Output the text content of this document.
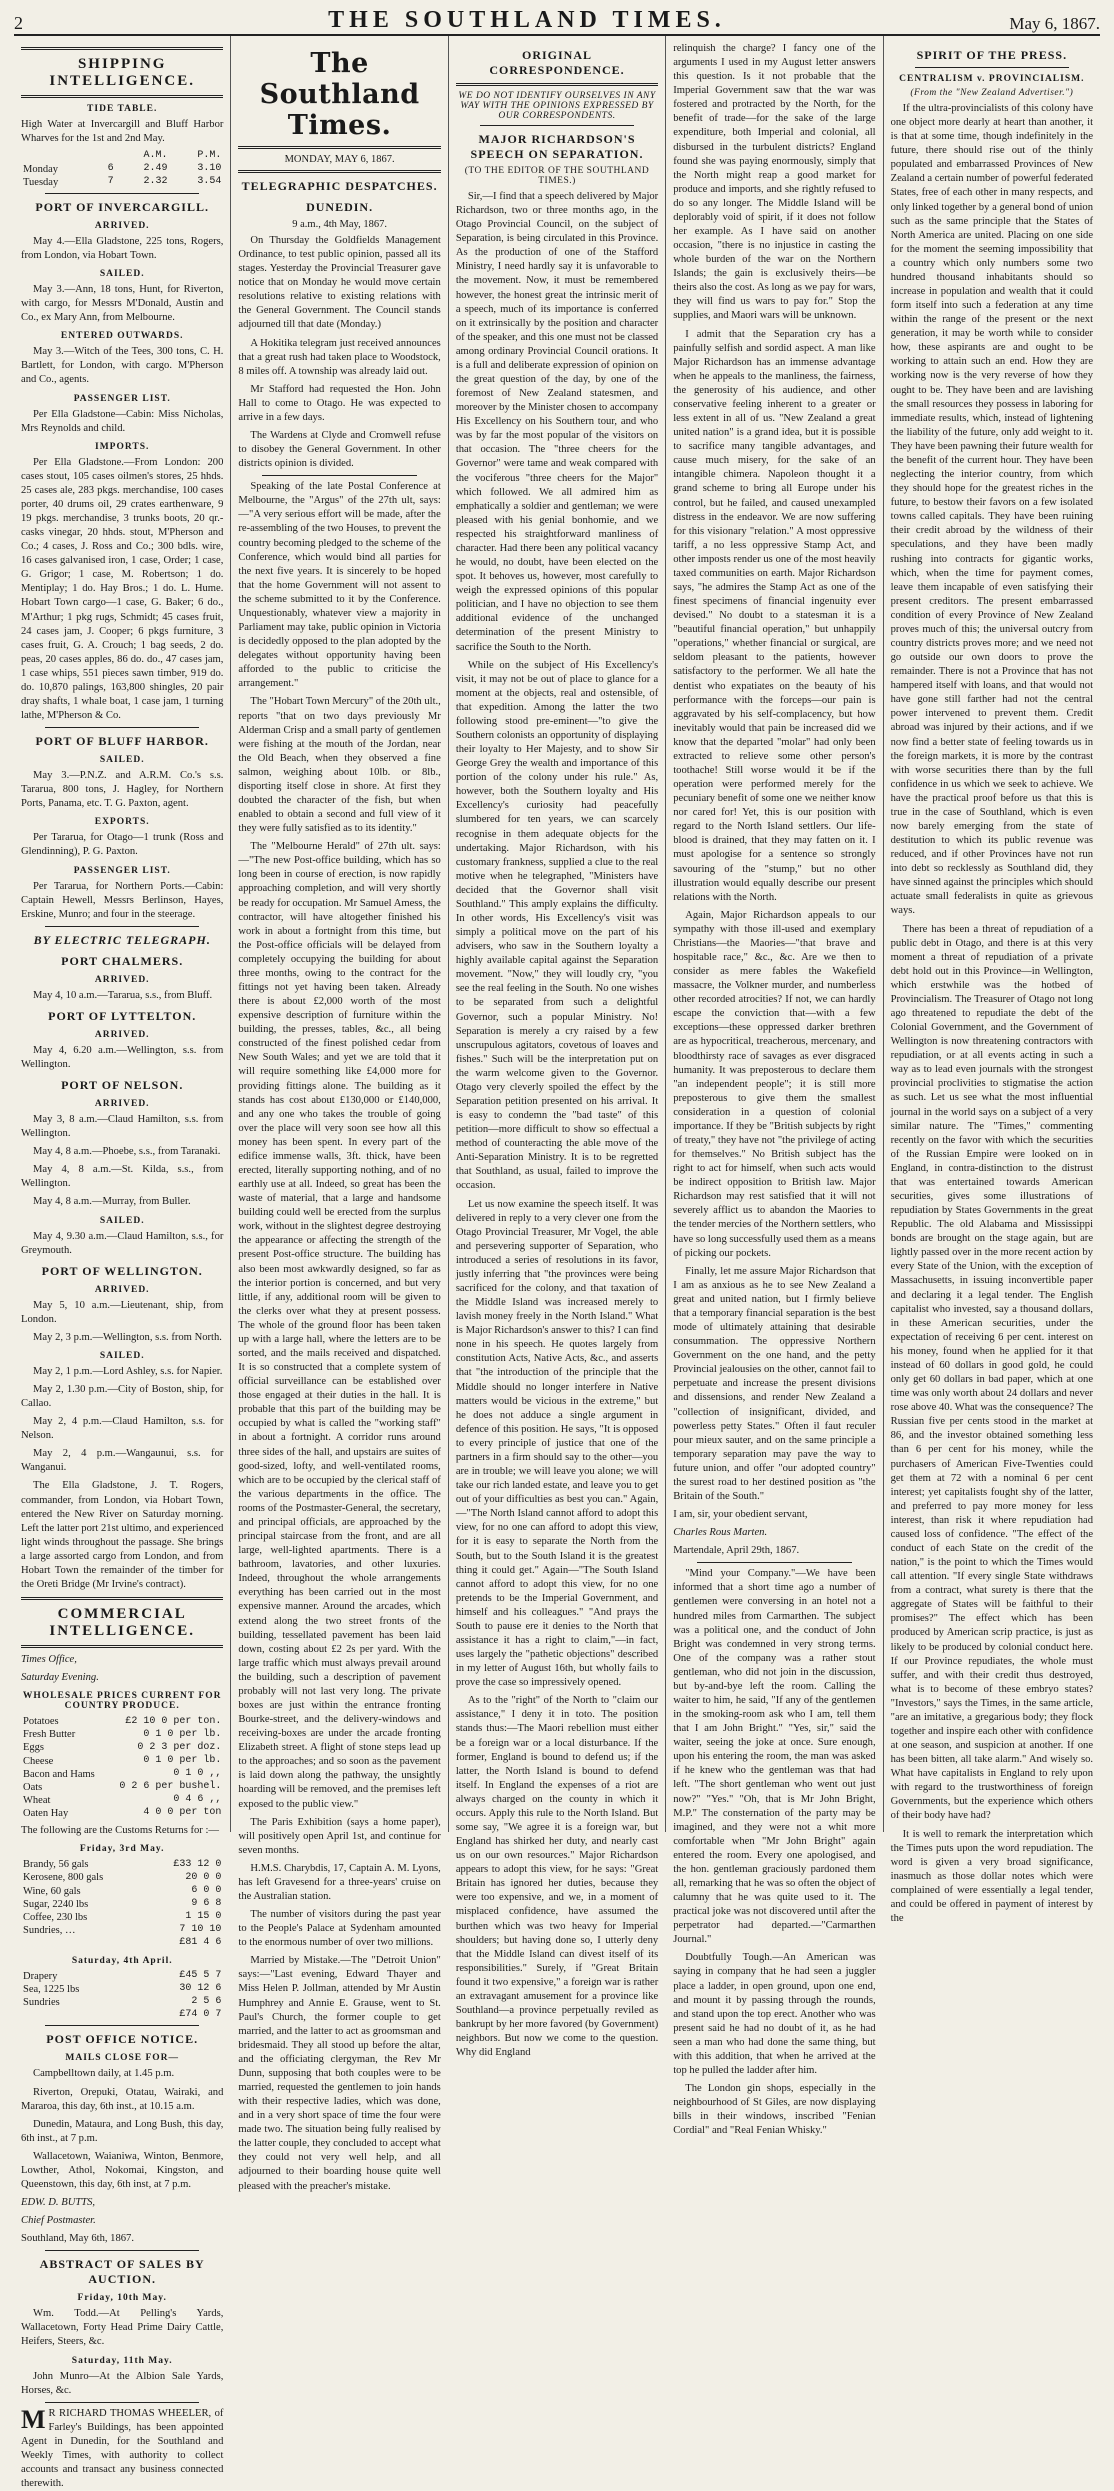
2	THE SOUTHLAND TIMES.	May 6, 1867.
SHIPPING INTELLIGENCE.
TIDE TABLE.

High Water at Invercargill and Bluff Harbor Wharves for the 1st and 2nd May.

		A.M.	P.M.
Monday	6	2.49	3.10
Tuesday	7	2.32	3.54
PORT OF INVERCARGILL.
ARRIVED.

May 4.—Ella Gladstone, 225 tons, Rogers, from London, via Hobart Town.

SAILED.

May 3.—Ann, 18 tons, Hunt, for Riverton, with cargo, for Messrs M'Donald, Austin and Co., ex Mary Ann, from Melbourne.

ENTERED OUTWARDS.

May 3.—Witch of the Tees, 300 tons, C. H. Bartlett, for London, with cargo. M'Pherson and Co., agents.

PASSENGER LIST.

Per Ella Gladstone—Cabin: Miss Nicholas, Mrs Reynolds and child.

IMPORTS.

Per Ella Gladstone.—From London: 200 cases stout, 105 cases oilmen's stores, 25 hhds. 25 cases ale, 283 pkgs. merchandise, 100 cases porter, 40 drums oil, 29 crates earthenware, 9 19 pkgs. merchandise, 3 trunks boots, 20 qr.-casks vinegar, 20 hhds. stout, M'Pherson and Co.; 4 cases, J. Ross and Co.; 300 bdls. wire, 16 cases galvanised iron, 1 case, Order; 1 case, G. Grigor; 1 case, M. Robertson; 1 do. Mentiplay; 1 do. Hay Bros.; 1 do. L. Hume. Hobart Town cargo—1 case, G. Baker; 6 do., M'Arthur; 1 pkg rugs, Schmidt; 45 cases fruit, 24 cases jam, J. Cooper; 6 pkgs furniture, 3 cases fruit, G. A. Crouch; 1 bag seeds, 2 do. peas, 20 cases apples, 86 do. do., 47 cases jam, 1 case whips, 551 pieces sawn timber, 919 do. do. 10,870 palings, 163,800 shingles, 20 pair dray shafts, 1 whale boat, 1 case jam, 1 turning lathe, M'Pherson & Co.

PORT OF BLUFF HARBOR.
SAILED.

May 3.—P.N.Z. and A.R.M. Co.'s s.s. Tararua, 800 tons, J. Hagley, for Northern Ports, Panama, etc. T. G. Paxton, agent.

EXPORTS.

Per Tararua, for Otago—1 trunk (Ross and Glendinning), P. G. Paxton.

PASSENGER LIST.

Per Tararua, for Northern Ports.—Cabin: Captain Hewell, Messrs Berlinson, Hayes, Erskine, Munro; and four in the steerage.

BY ELECTRIC TELEGRAPH.
PORT CHALMERS.
ARRIVED.

May 4, 10 a.m.—Tararua, s.s., from Bluff.

PORT OF LYTTELTON.
ARRIVED.

May 4, 6.20 a.m.—Wellington, s.s. from Wellington.

PORT OF NELSON.
ARRIVED.

May 3, 8 a.m.—Claud Hamilton, s.s. from Wellington.

May 4, 8 a.m.—Phoebe, s.s., from Taranaki.

May 4, 8 a.m.—St. Kilda, s.s., from Wellington.

May 4, 8 a.m.—Murray, from Buller.

SAILED.

May 4, 9.30 a.m.—Claud Hamilton, s.s., for Greymouth.

PORT OF WELLINGTON.
ARRIVED.

May 5, 10 a.m.—Lieutenant, ship, from London.

May 2, 3 p.m.—Wellington, s.s. from North.

SAILED.

May 2, 1 p.m.—Lord Ashley, s.s. for Napier.

May 2, 1.30 p.m.—City of Boston, ship, for Callao.

May 2, 4 p.m.—Claud Hamilton, s.s. for Nelson.

May 2, 4 p.m.—Wangaunui, s.s. for Wanganui.

The Ella Gladstone, J. T. Rogers, commander, from London, via Hobart Town, entered the New River on Saturday morning. Left the latter port 21st ultimo, and experienced light winds throughout the passage. She brings a large assorted cargo from London, and from Hobart Town the remainder of the timber for the Oreti Bridge (Mr Irvine's contract).

COMMERCIAL INTELLIGENCE.

Times Office,

Saturday Evening.

WHOLESALE PRICES CURRENT FOR COUNTRY PRODUCE.
Potatoes	£2 10 0 per ton.
Fresh Butter	0 1 0 per lb.
Eggs	0 2 3 per doz.
Cheese	0 1 0 per lb.
Bacon and Hams	0 1 0 ,,
Oats	0 2 6 per bushel.
Wheat	0 4 6 ,,
Oaten Hay	4 0 0 per ton

The following are the Customs Returns for :—

Friday, 3rd May.
Brandy, 56 gals	£33 12 0
Kerosene, 800 gals	20 0 0
Wine, 60 gals	6 0 0
Sugar, 2240 lbs	9 6 8
Coffee, 230 lbs	1 15 0
Sundries, …	7 10 10
	£81 4 6
Saturday, 4th April.
Drapery	£45 5 7
Sea, 1225 lbs	30 12 6
Sundries	2 5 6
	£74 0 7
POST OFFICE NOTICE.
MAILS CLOSE FOR—

Campbelltown daily, at 1.45 p.m.

Riverton, Orepuki, Otatau, Wairaki, and Mararoa, this day, 6th inst., at 10.15 a.m.

Dunedin, Mataura, and Long Bush, this day, 6th inst., at 7 p.m.

Wallacetown, Waianiwa, Winton, Benmore, Lowther, Athol, Nokomai, Kingston, and Queenstown, this day, 6th inst, at 7 p.m.

EDW. D. BUTTS,

Chief Postmaster.

Southland, May 6th, 1867.

ABSTRACT OF SALES BY AUCTION.
Friday, 10th May.

Wm. Todd.—At Pelling's Yards, Wallacetown, Forty Head Prime Dairy Cattle, Heifers, Steers, &c.

Saturday, 11th May.

John Munro—At the Albion Sale Yards, Horses, &c.

M R RICHARD THOMAS WHEELER, of Farley's Buildings, has been appointed Agent in Dunedin, for the Southland and Weekly Times, with authority to collect accounts and transact any business connected therewith.

The Southland Times.
MONDAY, MAY 6, 1867.
TELEGRAPHIC DESPATCHES.
DUNEDIN.
9 a.m., 4th May, 1867.

On Thursday the Goldfields Management Ordinance, to test public opinion, passed all its stages. Yesterday the Provincial Treasurer gave notice that on Monday he would move certain resolutions relative to existing relations with the General Government. The Council stands adjourned till that date (Monday.)

A Hokitika telegram just received announces that a great rush had taken place to Woodstock, 8 miles off. A township was already laid out.

Mr Stafford had requested the Hon. John Hall to come to Otago. He was expected to arrive in a few days.

The Wardens at Clyde and Cromwell refuse to disobey the General Government. In other districts opinion is divided.

Speaking of the late Postal Conference at Melbourne, the "Argus" of the 27th ult, says:—"A very serious effort will be made, after the re-assembling of the two Houses, to prevent the country becoming pledged to the scheme of the Conference, which would bind all parties for the next five years. It is sincerely to be hoped that the home Government will not assent to the scheme submitted to it by the Conference. Unquestionably, whatever view a majority in Parliament may take, public opinion in Victoria is decidedly opposed to the plan adopted by the delegates without opportunity having been afforded to the public to criticise the arrangement."

The "Hobart Town Mercury" of the 20th ult., reports "that on two days previously Mr Alderman Crisp and a small party of gentlemen were fishing at the mouth of the Jordan, near the Old Beach, when they observed a fine salmon, weighing about 10lb. or 8lb., disporting itself close in shore. At first they doubted the character of the fish, but when enabled to obtain a second and full view of it they were fully satisfied as to its identity."

The "Melbourne Herald" of 27th ult. says:—"The new Post-office building, which has so long been in course of erection, is now rapidly approaching completion, and will very shortly be ready for occupation. Mr Samuel Amess, the contractor, will have altogether finished his work in about a fortnight from this time, but the Post-office officials will be delayed from completely occupying the building for about three months, owing to the contract for the fittings not yet having been taken. Already there is about £2,000 worth of the most expensive description of furniture within the building, the presses, tables, &c., all being constructed of the finest polished cedar from New South Wales; and yet we are told that it will require something like £4,000 more for providing fittings alone. The building as it stands has cost about £130,000 or £140,000, and any one who takes the trouble of going over the place will very soon see how all this money has been spent. In every part of the edifice immense walls, 3ft. thick, have been erected, literally supporting nothing, and of no earthly use at all. Indeed, so great has been the waste of material, that a large and handsome building could well be erected from the surplus work, without in the slightest degree destroying the appearance or affecting the strength of the present Post-office structure. The building has also been most awkwardly designed, so far as the interior portion is concerned, and but very little, if any, additional room will be given to the clerks over what they at present possess. The whole of the ground floor has been taken up with a large hall, where the letters are to be sorted, and the mails received and dispatched. It is so constructed that a complete system of official surveillance can be established over those engaged at their duties in the hall. It is probable that this part of the building may be occupied by what is called the "working staff" in about a fortnight. A corridor runs around three sides of the hall, and upstairs are suites of good-sized, lofty, and well-ventilated rooms, which are to be occupied by the clerical staff of the various departments in the office. The rooms of the Postmaster-General, the secretary, and principal officials, are approached by the principal staircase from the front, and are all large, well-lighted apartments. There is a bathroom, lavatories, and other luxuries. Indeed, throughout the whole arrangements everything has been carried out in the most expensive manner. Around the arcades, which extend along the two street fronts of the building, tessellated pavement has been laid down, costing about £2 2s per yard. With the large traffic which must always prevail around the building, such a description of pavement probably will not last very long. The private boxes are just within the entrance fronting Bourke-street, and the delivery-windows and receiving-boxes are under the arcade fronting Elizabeth street. A flight of stone steps lead up to the approaches; and so soon as the pavement is laid down along the pathway, the unsightly hoarding will be removed, and the premises left exposed to the public view."

The Paris Exhibition (says a home paper), will positively open April 1st, and continue for seven months.

H.M.S. Charybdis, 17, Captain A. M. Lyons, has left Gravesend for a three-years' cruise on the Australian station.

The number of visitors during the past year to the People's Palace at Sydenham amounted to the enormous number of over two millions.

Married by Mistake.—The "Detroit Union" says:—"Last evening, Edward Thayer and Miss Helen P. Jollman, attended by Mr Austin Humphrey and Annie E. Grause, went to St. Paul's Church, the former couple to get married, and the latter to act as groomsman and bridesmaid. They all stood up before the altar, and the officiating clergyman, the Rev Mr Dunn, supposing that both couples were to be married, requested the gentlemen to join hands with their respective ladies, which was done, and in a very short space of time the four were made two. The situation being fully realised by the latter couple, they concluded to accept what they could not very well help, and all adjourned to their boarding house quite well pleased with the preacher's mistake.

ORIGINAL CORRESPONDENCE.
WE DO NOT IDENTIFY OURSELVES IN ANY WAY WITH THE OPINIONS EXPRESSED BY OUR CORRESPONDENTS.
MAJOR RICHARDSON'S SPEECH ON SEPARATION.
(TO THE EDITOR OF THE SOUTHLAND TIMES.)

Sir,—I find that a speech delivered by Major Richardson, two or three months ago, in the Otago Provincial Council, on the subject of Separation, is being circulated in this Province. As the production of one of the Stafford Ministry, I need hardly say it is unfavorable to the movement. Now, it must be remembered however, the honest great the intrinsic merit of a speech, much of its importance is conferred on it extrinsically by the position and character of the speaker, and this one must not be classed among ordinary Provincial Council orations. It is a full and deliberate expression of opinion on the great question of the day, by one of the foremost of New Zealand statesmen, and moreover by the Minister chosen to accompany His Excellency on his Southern tour, and who was by far the most popular of the visitors on that occasion. The "three cheers for the Governor" were tame and weak compared with the vociferous "three cheers for the Major" which followed. We all admired him as emphatically a soldier and gentleman; we were pleased with his genial bonhomie, and we respected his straightforward manliness of character. Had there been any political vacancy he would, no doubt, have been elected on the spot. It behoves us, however, most carefully to weigh the expressed opinions of this popular politician, and I have no objection to see them additional evidence of the unchanged determination of the present Ministry to sacrifice the South to the North.

While on the subject of His Excellency's visit, it may not be out of place to glance for a moment at the objects, real and ostensible, of that expedition. Among the latter the two following stood pre-eminent—"to give the Southern colonists an opportunity of displaying their loyalty to Her Majesty, and to show Sir George Grey the wealth and importance of this portion of the colony under his rule." As, however, both the Southern loyalty and His Excellency's curiosity had peacefully slumbered for ten years, we can scarcely recognise in them adequate objects for the undertaking. Major Richardson, with his customary frankness, supplied a clue to the real motive when he telegraphed, "Ministers have decided that the Governor shall visit Southland." This amply explains the difficulty. In other words, His Excellency's visit was simply a political move on the part of his advisers, who saw in the Southern loyalty a highly available capital against the Separation movement. "Now," they will loudly cry, "you see the real feeling in the South. No one wishes to be separated from such a delightful Governor, such a popular Ministry. No! Separation is merely a cry raised by a few unscrupulous agitators, covetous of loaves and fishes." Such will be the interpretation put on the warm welcome given to the Governor. Otago very cleverly spoiled the effect by the Separation petition presented on his arrival. It is easy to condemn the "bad taste" of this petition—more difficult to show so effectual a method of counteracting the able move of the Anti-Separation Ministry. It is to be regretted that Southland, as usual, failed to improve the occasion.

Let us now examine the speech itself. It was delivered in reply to a very clever one from the Otago Provincial Treasurer, Mr Vogel, the able and persevering supporter of Separation, who introduced a series of resolutions in its favor, justly inferring that "the provinces were being sacrificed for the colony, and that taxation of the Middle Island was increased merely to lavish money freely in the North Island." What is Major Richardson's answer to this? I can find none in his speech. He quotes largely from constitution Acts, Native Acts, &c., and asserts that "the introduction of the principle that the Middle should no longer interfere in Native matters would be vicious in the extreme," but he does not adduce a single argument in defence of this position. He says, "It is opposed to every principle of justice that one of the partners in a firm should say to the other—you are in trouble; we will leave you alone; we will take our rich landed estate, and leave you to get out of your difficulties as best you can." Again,—"The North Island cannot afford to adopt this view, for no one can afford to adopt this view, for it is easy to separate the North from the South, but to the South Island it is the greatest thing it could get." Again—"The South Island cannot afford to adopt this view, for no one pretends to be the Imperial Government, and himself and his colleagues." "And prays the South to pause ere it denies to the North that assistance it has a right to claim,"—in fact, uses largely the "pathetic objections" described in my letter of August 16th, but wholly fails to prove the case so impressively opened.

As to the "right" of the North to "claim our assistance," I deny it in toto. The position stands thus:—The Maori rebellion must either be a foreign war or a local disturbance. If the former, England is bound to defend us; if the latter, the North Island is bound to defend itself. In England the expenses of a riot are always charged on the county in which it occurs. Apply this rule to the North Island. But some say, "We agree it is a foreign war, but England has shirked her duty, and nearly cast us on our own resources." Major Richardson appears to adopt this view, for he says: "Great Britain has ignored her duties, because they were too expensive, and we, in a moment of misplaced confidence, have assumed the burthen which was two heavy for Imperial shoulders; but having done so, I utterly deny that the Middle Island can divest itself of its responsibilities." Surely, if "Great Britain found it two expensive," a foreign war is rather an extravagant amusement for a province like Southland—a province perpetually reviled as bankrupt by her more favored (by Government) neighbors. But now we come to the question. Why did England

relinquish the charge? I fancy one of the arguments I used in my August letter answers this question. Is it not probable that the Imperial Government saw that the war was fostered and protracted by the North, for the benefit of trade—for the sake of the large expenditure, both Imperial and colonial, all disbursed in the turbulent districts? England found she was paying enormously, simply that the North might reap a good market for produce and imports, and she rightly refused to do so any longer. The Middle Island will be deplorably void of spirit, if it does not follow her example. As I have said on another occasion, "there is no injustice in casting the whole burden of the war on the Northern Islands; the gain is exclusively theirs—be theirs also the cost. As long as we pay for wars, they will find us wars to pay for." Stop the supplies, and Maori wars will be unknown.

I admit that the Separation cry has a painfully selfish and sordid aspect. A man like Major Richardson has an immense advantage when he appeals to the manliness, the fairness, the generosity of his audience, and other conservative feeling inherent to a greater or less extent in all of us. "New Zealand a great united nation" is a grand idea, but it is possible to sacrifice many tangible advantages, and cause much misery, for the sake of an intangible chimera. Napoleon thought it a grand scheme to bring all Europe under his control, but he failed, and caused unexampled distress in the endeavor. We are now suffering for this visionary "relation." A most oppressive tariff, a no less oppressive Stamp Act, and other imposts render us one of the most heavily taxed communities on earth. Major Richardson says, "he admires the Stamp Act as one of the finest specimens of financial ingenuity ever devised." No doubt to a statesman it is a "beautiful financial operation," but unhappily "operations," whether financial or surgical, are seldom pleasant to the patients, however satisfactory to the performer. We all hate the dentist who expatiates on the beauty of his performance with the forceps—our pain is aggravated by his self-complacency, but how inevitably would that pain be increased did we know that the departed "molar" had only been extracted to relieve some other person's toothache! Still worse would it be if the operation were performed merely for the pecuniary benefit of some one we neither know nor cared for! Yet, this is our position with regard to the North Island settlers. Our life-blood is drained, that they may fatten on it. I must apologise for a sentence so strongly savouring of the "stump," but no other illustration would equally describe our present relations with the North.

Again, Major Richardson appeals to our sympathy with those ill-used and exemplary Christians—the Maories—"that brave and hospitable race," &c., &c. Are we then to consider as mere fables the Wakefield massacre, the Volkner murder, and numberless other recorded atrocities? If not, we can hardly escape the conviction that—with a few exceptions—these oppressed darker brethren are as hypocritical, treacherous, mercenary, and bloodthirsty race of savages as ever disgraced humanity. It was preposterous to declare them "an independent people"; it is still more preposterous to give them the smallest consideration in a question of colonial importance. If they be "British subjects by right of treaty," they have not "the privilege of acting for themselves." No British subject has the right to act for himself, when such acts would be indirect opposition to British law. Major Richardson may rest satisfied that it will not severely afflict us to abandon the Maories to the tender mercies of the Northern settlers, who have so long successfully used them as a means of picking our pockets.

Finally, let me assure Major Richardson that I am as anxious as he to see New Zealand a great and united nation, but I firmly believe that a temporary financial separation is the best mode of ultimately attaining that desirable consummation. The oppressive Northern Government on the one hand, and the petty Provincial jealousies on the other, cannot fail to perpetuate and increase the present divisions and dissensions, and render New Zealand a "collection of insignificant, divided, and powerless petty States." Often il faut reculer pour mieux sauter, and on the same principle a temporary separation may pave the way to future union, and offer "our adopted country" the surest road to her destined position as "the Britain of the South."

I am, sir, your obedient servant,

Charles Rous Marten.

Martendale, April 29th, 1867.

"Mind your Company."—We have been informed that a short time ago a number of gentlemen were conversing in an hotel not a hundred miles from Carmarthen. The subject was a political one, and the conduct of John Bright was condemned in very strong terms. One of the company was a rather stout gentleman, who did not join in the discussion, but by-and-bye left the room. Calling the waiter to him, he said, "If any of the gentlemen in the smoking-room ask who I am, tell them that I am John Bright." "Yes, sir," said the waiter, seeing the joke at once. Sure enough, upon his entering the room, the man was asked if he knew who the gentleman was that had left. "The short gentleman who went out just now?" "Yes." "Oh, that is Mr John Bright, M.P." The consternation of the party may be imagined, and they were not a whit more comfortable when "Mr John Bright" again entered the room. Every one apologised, and the hon. gentleman graciously pardoned them all, remarking that he was so often the object of calumny that he was quite used to it. The practical joke was not discovered until after the perpetrator had departed.—"Carmarthen Journal."

Doubtfully Tough.—An American was saying in company that he had seen a juggler place a ladder, in open ground, upon one end, and mount it by passing through the rounds, and stand upon the top erect. Another who was present said he had no doubt of it, as he had seen a man who had done the same thing, but with this addition, that when he arrived at the top he pulled the ladder after him.

The London gin shops, especially in the neighbourhood of St Giles, are now displaying bills in their windows, inscribed "Fenian Cordial" and "Real Fenian Whisky."

SPIRIT OF THE PRESS.
CENTRALISM v. PROVINCIALISM.
(From the "New Zealand Advertiser.")

If the ultra-provincialists of this colony have one object more dearly at heart than another, it is that at some time, though indefinitely in the future, there should rise out of the thinly populated and embarrassed Provinces of New Zealand a certain number of powerful federated States, free of each other in many respects, and only linked together by a general bond of union such as the same principle that the States of North America are united. Placing on one side for the moment the seeming impossibility that a country which only numbers some two hundred thousand inhabitants should so increase in population and wealth that it could form itself into such a federation at any time within the range of the present or the next generation, it may be worth while to consider how, these aspirants are and ought to be working to attain such an end. How they are working now is the very reverse of how they ought to be. They have been and are lavishing the small resources they possess in laboring for immediate results, which, instead of lightening the liability of the future, only add weight to it. They have been pawning their future wealth for the benefit of the current hour. They have been neglecting the interior country, from which they should hope for the greatest riches in the future, to bestow their favors on a few isolated towns called capitals. They have been ruining their credit abroad by the wildness of their speculations, and they have been madly rushing into contracts for gigantic works, which, when the time for payment comes, leave them incapable of even satisfying their present creditors. The present embarrassed condition of every Province of New Zealand proves much of this; the universal outcry from country districts proves more; and we need not go outside our own doors to prove the remainder. There is not a Province that has not hampered itself with loans, and that would not have gone still farther had not the central power intervened to prevent them. Credit abroad was injured by their actions, and if we now find a better state of feeling towards us in the foreign markets, it is more by the contrast with worse securities there than by the full confidence in us which we seek to achieve. We have the practical proof before us that this is true in the case of Southland, which is even now barely emerging from the state of destitution to which its public revenue was reduced, and if other Provinces have not run into debt so recklessly as Southland did, they have sinned against the principles which should actuate small federalists in quite as grievous ways.

There has been a threat of repudiation of a public debt in Otago, and there is at this very moment a threat of repudiation of a private debt hold out in this Province—in Wellington, which erstwhile was the hotbed of Provincialism. The Treasurer of Otago not long ago threatened to repudiate the debt of the Colonial Government, and the Government of Wellington is now threatening contractors with repudiation, or at all events acting in such a way as to lead even journals with the strongest provincial proclivities to stigmatise the action as such. Let us see what the most influential journal in the world says on a subject of a very similar nature. The "Times," commenting recently on the favor with which the securities of the Russian Empire were looked on in England, in contra-distinction to the distrust that was entertained towards American securities, gives some illustrations of repudiation by States Governments in the great Republic. The old Alabama and Mississippi bonds are brought on the stage again, but are lightly passed over in the more recent action by every State of the Union, with the exception of Massachusetts, in issuing inconvertible paper and declaring it a legal tender. The English capitalist who invested, say a thousand dollars, in these American securities, under the expectation of receiving 6 per cent. interest on his money, found when he applied for it that instead of 60 dollars in good gold, he could only get 60 dollars in bad paper, which at one time was only worth about 24 dollars and never rose above 40. What was the consequence? The Russian five per cents stood in the market at 86, and the investor obtained something less than 6 per cent for his money, while the purchasers of American Five-Twenties could get them at 72 with a nominal 6 per cent interest; yet capitalists fought shy of the latter, and preferred to pay more money for less interest, than risk it where repudiation had caused loss of confidence. "The effect of the conduct of each State on the credit of the nation," is the point to which the Times would call attention. "If every single State withdraws from a contract, what surety is there that the aggregate of States will be faithful to their promises?" The effect which has been produced by American scrip practice, is just as likely to be produced by colonial conduct here. If our Province repudiates, the whole must suffer, and with their credit thus destroyed, what is to become of these embryo states? "Investors," says the Times, in the same article, "are an imitative, a gregarious body; they flock together and inspire each other with confidence at one season, and suspicion at another. If one has been bitten, all take alarm." And wisely so. What have capitalists in England to rely upon with regard to the trustworthiness of foreign Governments, but the experience which others of their body have had?

It is well to remark the interpretation which the Times puts upon the word repudiation. The word is given a very broad significance, inasmuch as those dollar notes which were complained of were essentially a legal tender, and could be offered in payment of interest by the
